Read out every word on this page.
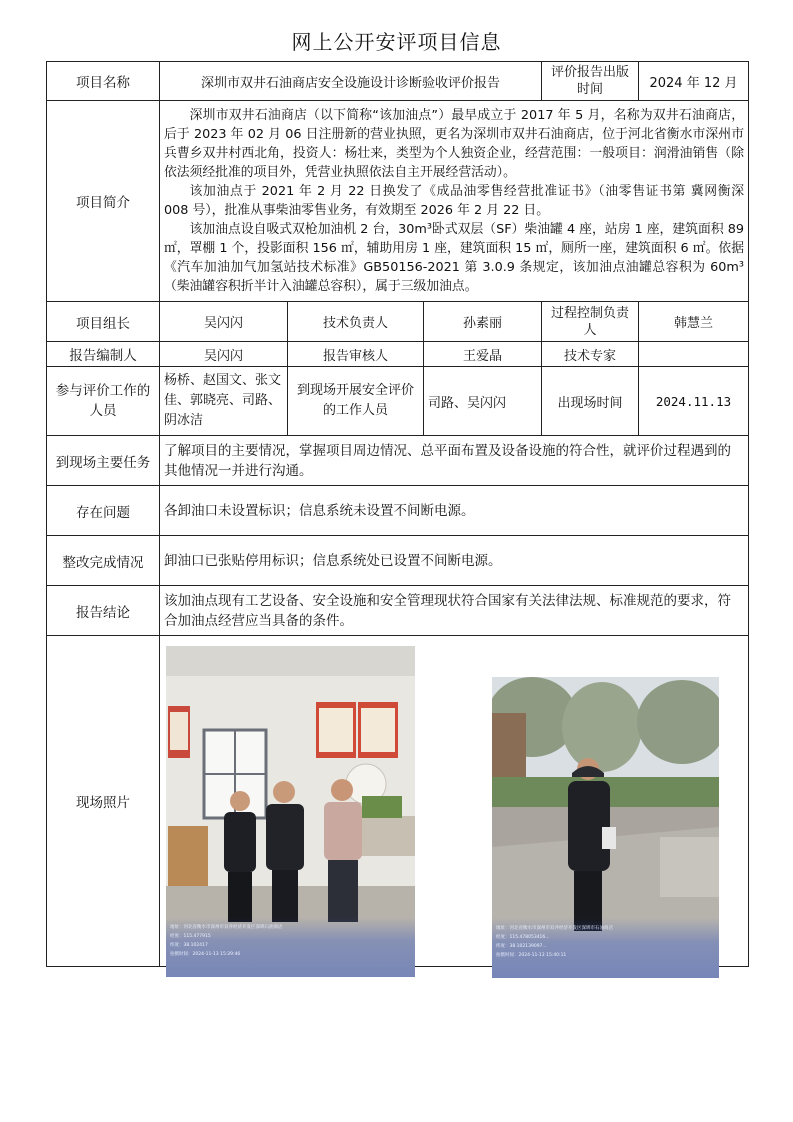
网上公开安评项目信息
项目名称	深圳市双井石油商店安全设施设计诊断验收评价报告			评价报告出版时间	2024 年 12 月
项目简介	深圳市双井石油商店（以下简称“该加油点”）最早成立于 2017 年 5 月，名称为双井石油商店，后于 2023 年 02 月 06 日注册新的营业执照，更名为深圳市双井石油商店，位于河北省衡水市深州市兵曹乡双井村西北角，投资人：杨壮来，类型为个人独资企业，经营范围：一般项目：润滑油销售（除依法须经批准的项目外，凭营业执照依法自主开展经营活动）。

该加油点于 2021 年 2 月 22 日换发了《成品油零售经营批准证书》（油零售证书第 冀网衡深 008 号），批准从事柴油零售业务，有效期至 2026 年 2 月 22 日。

该加油点设自吸式双枪加油机 2 台，30m³卧式双层（SF）柴油罐 4 座，站房 1 座，建筑面积 89 ㎡，罩棚 1 个，投影面积 156 ㎡，辅助用房 1 座，建筑面积 15 ㎡，厕所一座，建筑面积 6 ㎡。依据《汽车加油加气加氢站技术标准》GB50156-2021 第 3.0.9 条规定，该加油点油罐总容积为 60m³（柴油罐容积折半计入油罐总容积），属于三级加油点。				

项目组长	吴闪闪	技术负责人	孙素丽	过程控制负责人	韩慧兰
报告编制人	吴闪闪	报告审核人	王爱晶	技术专家	
参与评价工作的人员	杨桥、赵国文、张文佳、郭晓亮、司路、阴冰洁	到现场开展安全评价的工作人员	司路、吴闪闪	出现场时间	2024.11.13
到现场主要任务	了解项目的主要情况，掌握项目周边情况、总平面布置及设备设施的符合性，就评价过程遇到的其他情况一并进行沟通。				
存在问题	各卸油口未设置标识；信息系统未设置不间断电源。				
整改完成情况	卸油口已张贴停用标识；信息系统处已设置不间断电源。				
报告结论	该加油点现有工艺设备、安全设施和安全管理现状符合国家有关法律法规、标准规范的要求，符合加油点经营应当具备的条件。				
现场照片					
地址：河北省衡水市深州市双井经济开发区深圳石油商店
经度：115.477915
纬度：38.102417
拍摄时间：2024-11-13 15:29:46
地址：河北省衡水市深州市双井经济开发区深圳市石油商店
经度：115.478053416...
纬度：38.102139097...
拍摄时间：2024-11-13 15:40:11
